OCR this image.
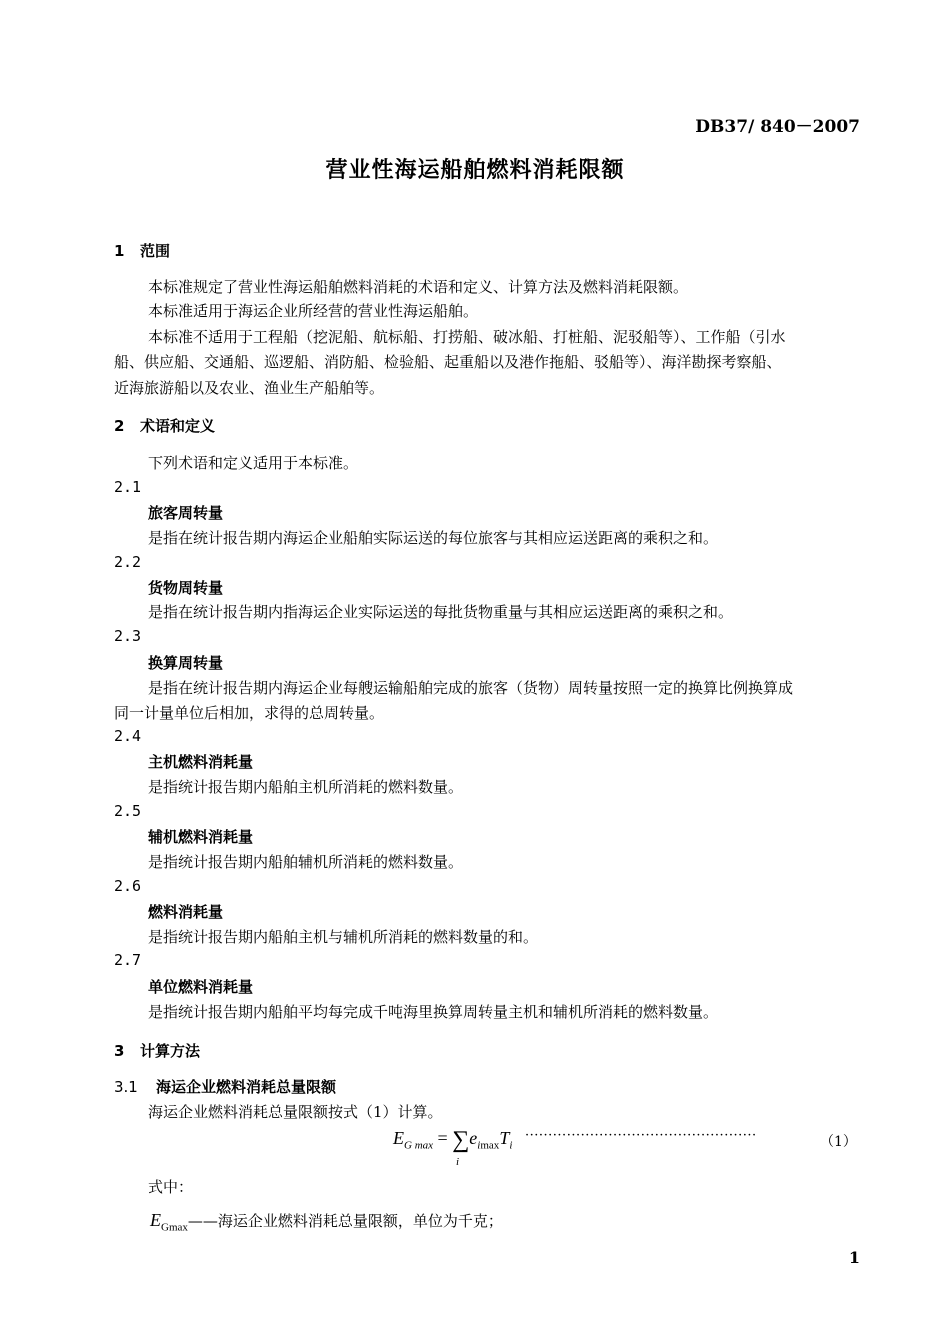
DB37/ 840－2007
营业性海运船舶燃料消耗限额
1 范围
本标准规定了营业性海运船舶燃料消耗的术语和定义、计算方法及燃料消耗限额。
本标准适用于海运企业所经营的营业性海运船舶。
本标准不适用于工程船（挖泥船、航标船、打捞船、破冰船、打桩船、泥驳船等）、工作船（引水
船、供应船、交通船、巡逻船、消防船、检验船、起重船以及港作拖船、驳船等）、海洋勘探考察船、
近海旅游船以及农业、渔业生产船舶等。
2 术语和定义
下列术语和定义适用于本标准。
2.1
旅客周转量
是指在统计报告期内海运企业船舶实际运送的每位旅客与其相应运送距离的乘积之和。
2.2
货物周转量
是指在统计报告期内指海运企业实际运送的每批货物重量与其相应运送距离的乘积之和。
2.3
换算周转量
是指在统计报告期内海运企业每艘运输船舶完成的旅客（货物）周转量按照一定的换算比例换算成
同一计量单位后相加，求得的总周转量。
2.4
主机燃料消耗量
是指统计报告期内船舶主机所消耗的燃料数量。
2.5
辅机燃料消耗量
是指统计报告期内船舶辅机所消耗的燃料数量。
2.6
燃料消耗量
是指统计报告期内船舶主机与辅机所消耗的燃料数量的和。
2.7
单位燃料消耗量
是指统计报告期内船舶平均每完成千吨海里换算周转量主机和辅机所消耗的燃料数量。
3 计算方法
3.1 海运企业燃料消耗总量限额
海运企业燃料消耗总量限额按式（1）计算。
$E_{G max} = \sum e_{imax}T_i$
i
··················································	（1）
式中：
$E_{Gmax}——$海运企业燃料消耗总量限额，单位为千克；
1
